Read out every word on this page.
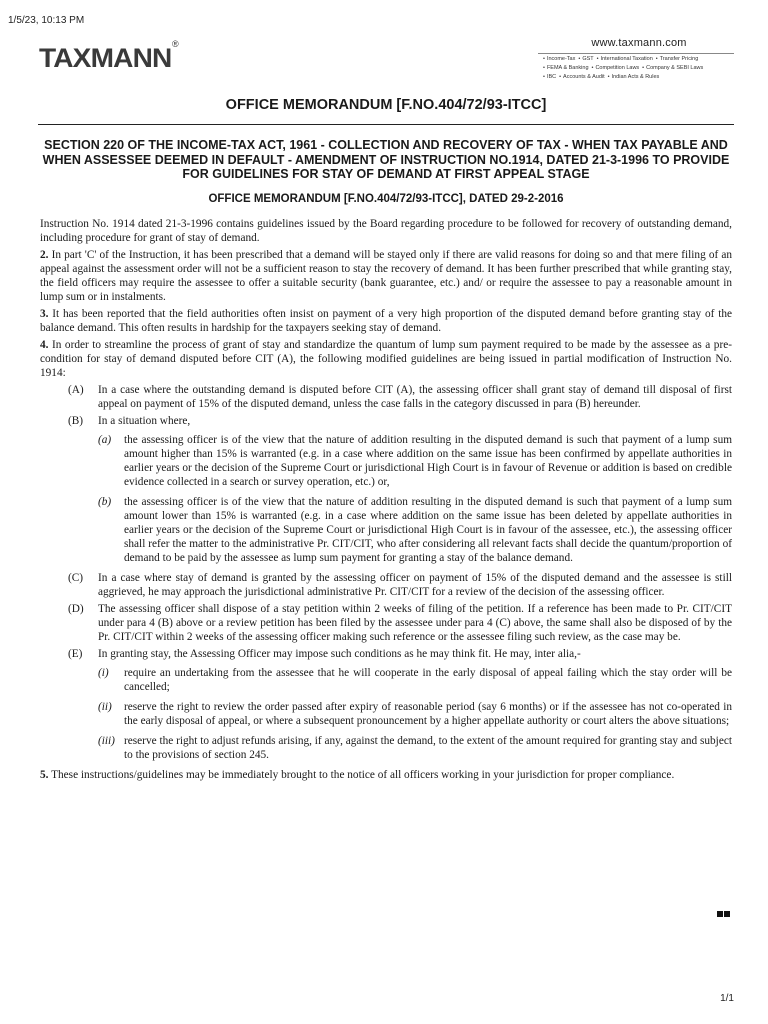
1/5/23, 10:13 PM
TAXMANN ®	www.taxmann.com
• Income-Tax • GST • International Taxation • Transfer Pricing
• FEMA & Banking • Competition Laws • Company & SEBI Laws
• IBC • Accounts & Audit • Indian Acts & Rules
OFFICE MEMORANDUM [F.NO.404/72/93-ITCC]
SECTION 220 OF THE INCOME-TAX ACT, 1961 - COLLECTION AND RECOVERY OF TAX - WHEN TAX PAYABLE AND WHEN ASSESSEE DEEMED IN DEFAULT - AMENDMENT OF INSTRUCTION NO.1914, DATED 21-3-1996 TO PROVIDE FOR GUIDELINES FOR STAY OF DEMAND AT FIRST APPEAL STAGE
OFFICE MEMORANDUM [F.NO.404/72/93-ITCC], DATED 29-2-2016

Instruction No. 1914 dated 21-3-1996 contains guidelines issued by the Board regarding procedure to be followed for recovery of outstanding demand, including procedure for grant of stay of demand.

2. In part 'C' of the Instruction, it has been prescribed that a demand will be stayed only if there are valid reasons for doing so and that mere filing of an appeal against the assessment order will not be a sufficient reason to stay the recovery of demand. It has been further prescribed that while granting stay, the field officers may require the assessee to offer a suitable security (bank guarantee, etc.) and/ or require the assessee to pay a reasonable amount in lump sum or in instalments.

3. It has been reported that the field authorities often insist on payment of a very high proportion of the disputed demand before granting stay of the balance demand. This often results in hardship for the taxpayers seeking stay of demand.

4. In order to streamline the process of grant of stay and standardize the quantum of lump sum payment required to be made by the assessee as a pre-condition for stay of demand disputed before CIT (A), the following modified guidelines are being issued in partial modification of Instruction No. 1914:

(A)	In a case where the outstanding demand is disputed before CIT (A), the assessing officer shall grant stay of demand till disposal of first appeal on payment of 15% of the disputed demand, unless the case falls in the category discussed in para (B) hereunder.
(B)	In a situation where,
(a)	the assessing officer is of the view that the nature of addition resulting in the disputed demand is such that payment of a lump sum amount higher than 15% is warranted (e.g. in a case where addition on the same issue has been confirmed by appellate authorities in earlier years or the decision of the Supreme Court or jurisdictional High Court is in favour of Revenue or addition is based on credible evidence collected in a search or survey operation, etc.) or,
(b)	the assessing officer is of the view that the nature of addition resulting in the disputed demand is such that payment of a lump sum amount lower than 15% is warranted (e.g. in a case where addition on the same issue has been deleted by appellate authorities in earlier years or the decision of the Supreme Court or jurisdictional High Court is in favour of the assessee, etc.), the assessing officer shall refer the matter to the administrative Pr. CIT/CIT, who after considering all relevant facts shall decide the quantum/proportion of demand to be paid by the assessee as lump sum payment for granting a stay of the balance demand.
(C)	In a case where stay of demand is granted by the assessing officer on payment of 15% of the disputed demand and the assessee is still aggrieved, he may approach the jurisdictional administrative Pr. CIT/CIT for a review of the decision of the assessing officer.
(D)	The assessing officer shall dispose of a stay petition within 2 weeks of filing of the petition. If a reference has been made to Pr. CIT/CIT under para 4 (B) above or a review petition has been filed by the assessee under para 4 (C) above, the same shall also be disposed of by the Pr. CIT/CIT within 2 weeks of the assessing officer making such reference or the assessee filing such review, as the case may be.
(E)	In granting stay, the Assessing Officer may impose such conditions as he may think fit. He may, inter alia,-
(i)	require an undertaking from the assessee that he will cooperate in the early disposal of appeal failing which the stay order will be cancelled;
(ii)	reserve the right to review the order passed after expiry of reasonable period (say 6 months) or if the assessee has not co-operated in the early disposal of appeal, or where a subsequent pronouncement by a higher appellate authority or court alters the above situations;
(iii) reserve the right to adjust refunds arising, if any, against the demand, to the extent of the amount required for granting stay and subject to the provisions of section 245.

5. These instructions/guidelines may be immediately brought to the notice of all officers working in your jurisdiction for proper compliance.

1/1
